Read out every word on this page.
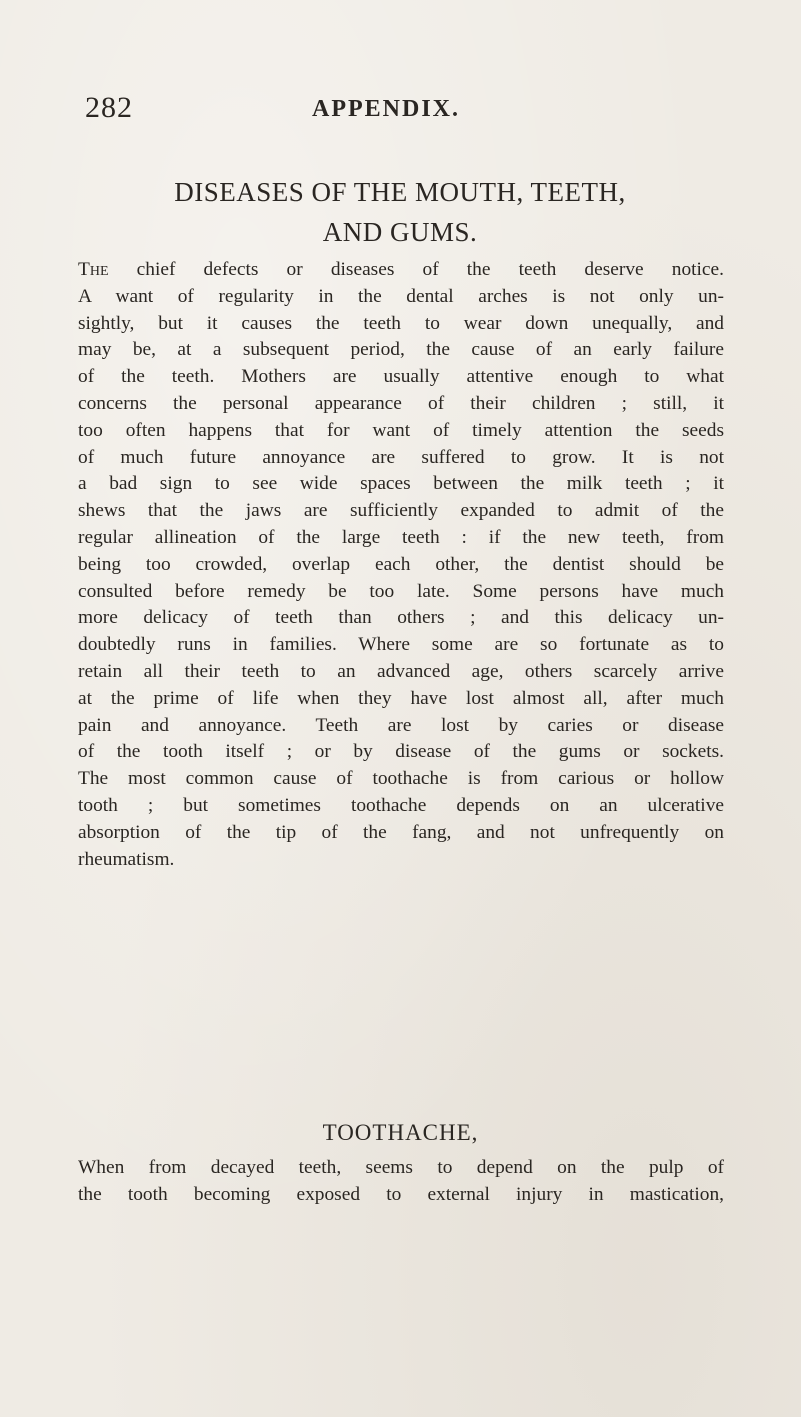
282	APPENDIX.
DISEASES OF THE MOUTH, TEETH,
AND GUMS.
The chief defects or diseases of the teeth deserve notice.
A want of regularity in the dental arches is not only un-
sightly, but it causes the teeth to wear down unequally, and
may be, at a subsequent period, the cause of an early failure
of the teeth. Mothers are usually attentive enough to what
concerns the personal appearance of their children ; still, it
too often happens that for want of timely attention the seeds
of much future annoyance are suffered to grow. It is not
a bad sign to see wide spaces between the milk teeth ; it
shews that the jaws are sufficiently expanded to admit of the
regular allineation of the large teeth : if the new teeth, from
being too crowded, overlap each other, the dentist should be
consulted before remedy be too late. Some persons have much
more delicacy of teeth than others ; and this delicacy un-
doubtedly runs in families. Where some are so fortunate as to
retain all their teeth to an advanced age, others scarcely arrive
at the prime of life when they have lost almost all, after much
pain and annoyance. Teeth are lost by caries or disease
of the tooth itself ; or by disease of the gums or sockets.
The most common cause of toothache is from carious or hollow
tooth ; but sometimes toothache depends on an ulcerative
absorption of the tip of the fang, and not unfrequently on
rheumatism.
TOOTHACHE,
When from decayed teeth, seems to depend on the pulp of
the tooth becoming exposed to external injury in mastication,
